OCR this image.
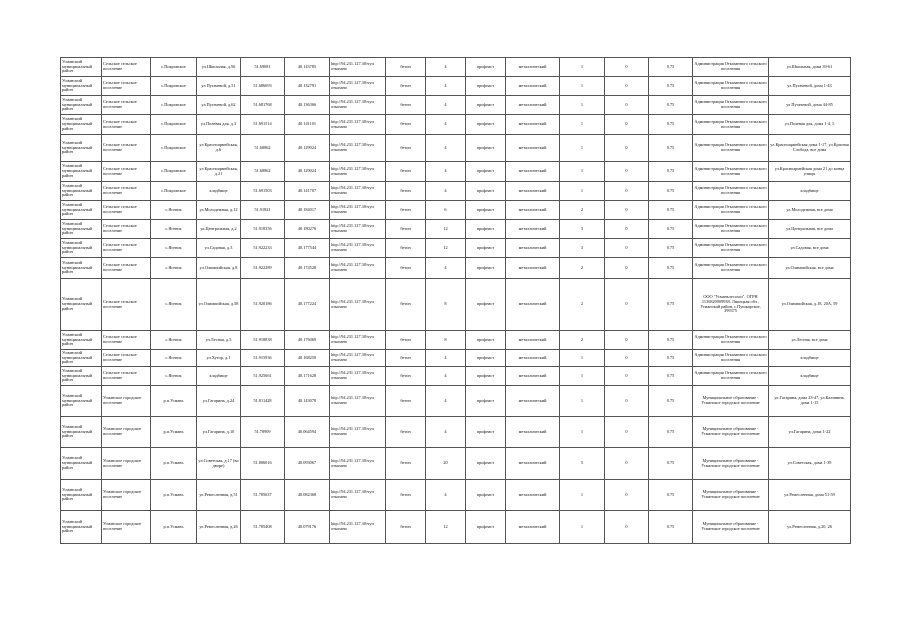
Усманский муниципальный район	Сельское сельское поселение	с.Покровское	ул.Школьная, д.56	51.69681	40.143785	http://94.231.127.30/чуп отказано	бетон	4	профнаст	металлический	1	0	0.75	Администрация Отказанного сельского поселения	ул.Школьная, дома 39-61
Усманский муниципальный район	Сельское сельское поселение	с.Покровское	ул.Пугачевой, д.51	51.686693	40.132791	http://94.231.127.30/чуп отказано	бетон	4	профнаст	металлический	1	0	0.75	Администрация Отказанного сельского поселения	ул.Пугачевой, дома 1-43
Усманский муниципальный район	Сельское сельское поселение	с.Покровское	ул.Пугачевой, д.62	51.681768	40.136366	http://94.231.127.30/чуп отказано	бетон	4	профнаст	металлический	1	0	0.75	Администрация Отказанного сельского поселения	ул.Пугачевой, дома 44-85
Усманский муниципальный район	Сельское сельское поселение	с.Покровское	ул.Полевая для, д.3	51.691514	40.141101	http://94.231.127.30/чуп отказано	бетон	4	профнаст	металлический	1	0	0.75	Администрация Отказанного сельского поселения	ул.Полевая для, дома 1-4, 5
Усманский муниципальный район	Сельское сельское поселение	с.Покровское	ул.Красноармейская, д.6	51.68862	40.129024	http://94.231.127.30/чуп отказано	бетон	4	профнаст	металлический	1	0	0.75	Администрация Отказанного сельского поселения	ул.Красноармейская дома 1-17, ул.Красная Слобода, все дома
Усманский муниципальный район	Сельское сельское поселение	с.Покровское	ул.Красноармейская, д.21	51.68862	40.129024	http://94.231.127.30/чуп отказано	бетон	4	профнаст	металлический	1	0	0.75	Администрация Отказанного сельского поселения	ул.Красноармейская дома 21 до конца улицы
Усманский муниципальный район	Сельское сельское поселение	с.Покровское	кладбище	51.691503	40.141707	http://94.231.127.30/чуп отказано	бетон	4	профнаст	металлический	1	0	0.75	Администрация Отказанного сельского поселения	кладбище
Усманский муниципальный район	Сельское сельское поселение	с.Ясенок	ул.Молодежная, д.12	51.91821	40.184017	http://94.231.127.30/чуп отказано	бетон	6	профнаст	металлический	2	0	0.75	Администрация Отказанного сельского поселения	ул.Молодежная, все дома
Усманский муниципальный район	Сельское сельское поселение	с.Ясенок	ул.Центральная, д.2	51.918356	40.180276	http://94.231.127.30/чуп отказано	бетон	12	профнаст	металлический	3	0	0.75	Администрация Отказанного сельского поселения	ул.Центральная, все дома
Усманский муниципальный район	Сельское сельское поселение	с.Ясенок	ул.Садовая, д.3	51.922233	40.177544	http://94.231.127.30/чуп отказано	бетон	12	профнаст	металлический	3	0	0.75	Администрация Отказанного сельского поселения	ул.Садовая, все дома
Усманский муниципальный район	Сельское сельское поселение	с.Ясенок	ул.Олимпийская, д.8	51.922289	40.174528	http://94.231.127.30/чуп отказано	бетон	4	профнаст	металлический	2	0	0.75	Администрация Отказанного сельского поселения	ул.Олимпийская, все дома
Усманский муниципальный район	Сельское сельское поселение	с.Ясенок	ул.Олимпийская, д.58	51.920186	40.177224	http://94.231.127.30/чуп отказано	бетон	8	профнаст	металлический	2	0	0.75	ООО "Усманьлесохоз", ОГРН 1136820009938, Липецкая обл., Усманский район, с.Пушкарское, 399375	ул.Олимпийская, д.18, 20А, 59
Усманский муниципальный район	Сельское сельское поселение	с.Ясенок	ул.Лесная, д.5	51.918838	40.176069	http://94.231.127.30/чуп отказано	бетон	8	профнаст	металлический	2	0	0.75	Администрация Отказанного сельского поселения	ул.Лесная, все дома
Усманский муниципальный район	Сельское сельское поселение	с.Ясенок	ул.Хутор, д.1	51.915936	40.168250	http://94.231.127.30/чуп отказано	бетон	4	профнаст	металлический	1	0	0.75	Администрация Отказанного сельского поселения	кладбище
Усманский муниципальный район	Сельское сельское поселение	с.Ясенок	кладбище	51.925661	40.171628	http://94.231.127.30/чуп отказано	бетон	4	профнаст	металлический	1	0	0.75	Администрация Отказанного сельского поселения	кладбище
Усманский муниципальный район	Усманское городское поселение	р.п.Усмань	ул.Гагарина, д.24	51.811428	40.143078	http://94.231.127.30/чуп отказано	бетон	4	профнаст	металлический	1	0	0.75	Муниципальное образование - Усманское городское поселение	ул.Гагарина, дома 23-47, ул.Калинина, дома 1-15
Усманский муниципальный район	Усманское городское поселение	р.п.Усмань	ул.Гагарина, д.10	51.78909	40.064594	http://94.231.127.30/чуп отказано	бетон	4	профнаст	металлический	1	0	0.75	Муниципальное образование - Усманское городское поселение	ул.Гагарина, дома 1-22
Усманский муниципальный район	Усманское городское поселение	р.п.Усмань	ул.Советская, д.17 (во дворе)	51.806016	40.093067	http://94.231.127.30/чуп отказано	бетон	20	профнаст	металлический	5	0	0.75	Муниципальное образование - Усманское городское поселение	ул.Советская, дома 1-39
Усманский муниципальный район	Усманское городское поселение	р.п.Усмань	ул.Ремесленная, д.51	51.785637	40.082368	http://94.231.127.30/чуп отказано	бетон	4	профнаст	металлический	1	0	0.75	Муниципальное образование - Усманское городское поселение	ул.Ремесленная, дома 51-59
Усманский муниципальный район	Усманское городское поселение	р.п.Усмань	ул.Ремесленная, д.26	51.785408	40.079176	http://94.231.127.30/чуп отказано	бетон	12	профнаст	металлический	1	0	0.75	Муниципальное образование - Усманское городское поселение	ул.Ремесленная, д.20, 26
